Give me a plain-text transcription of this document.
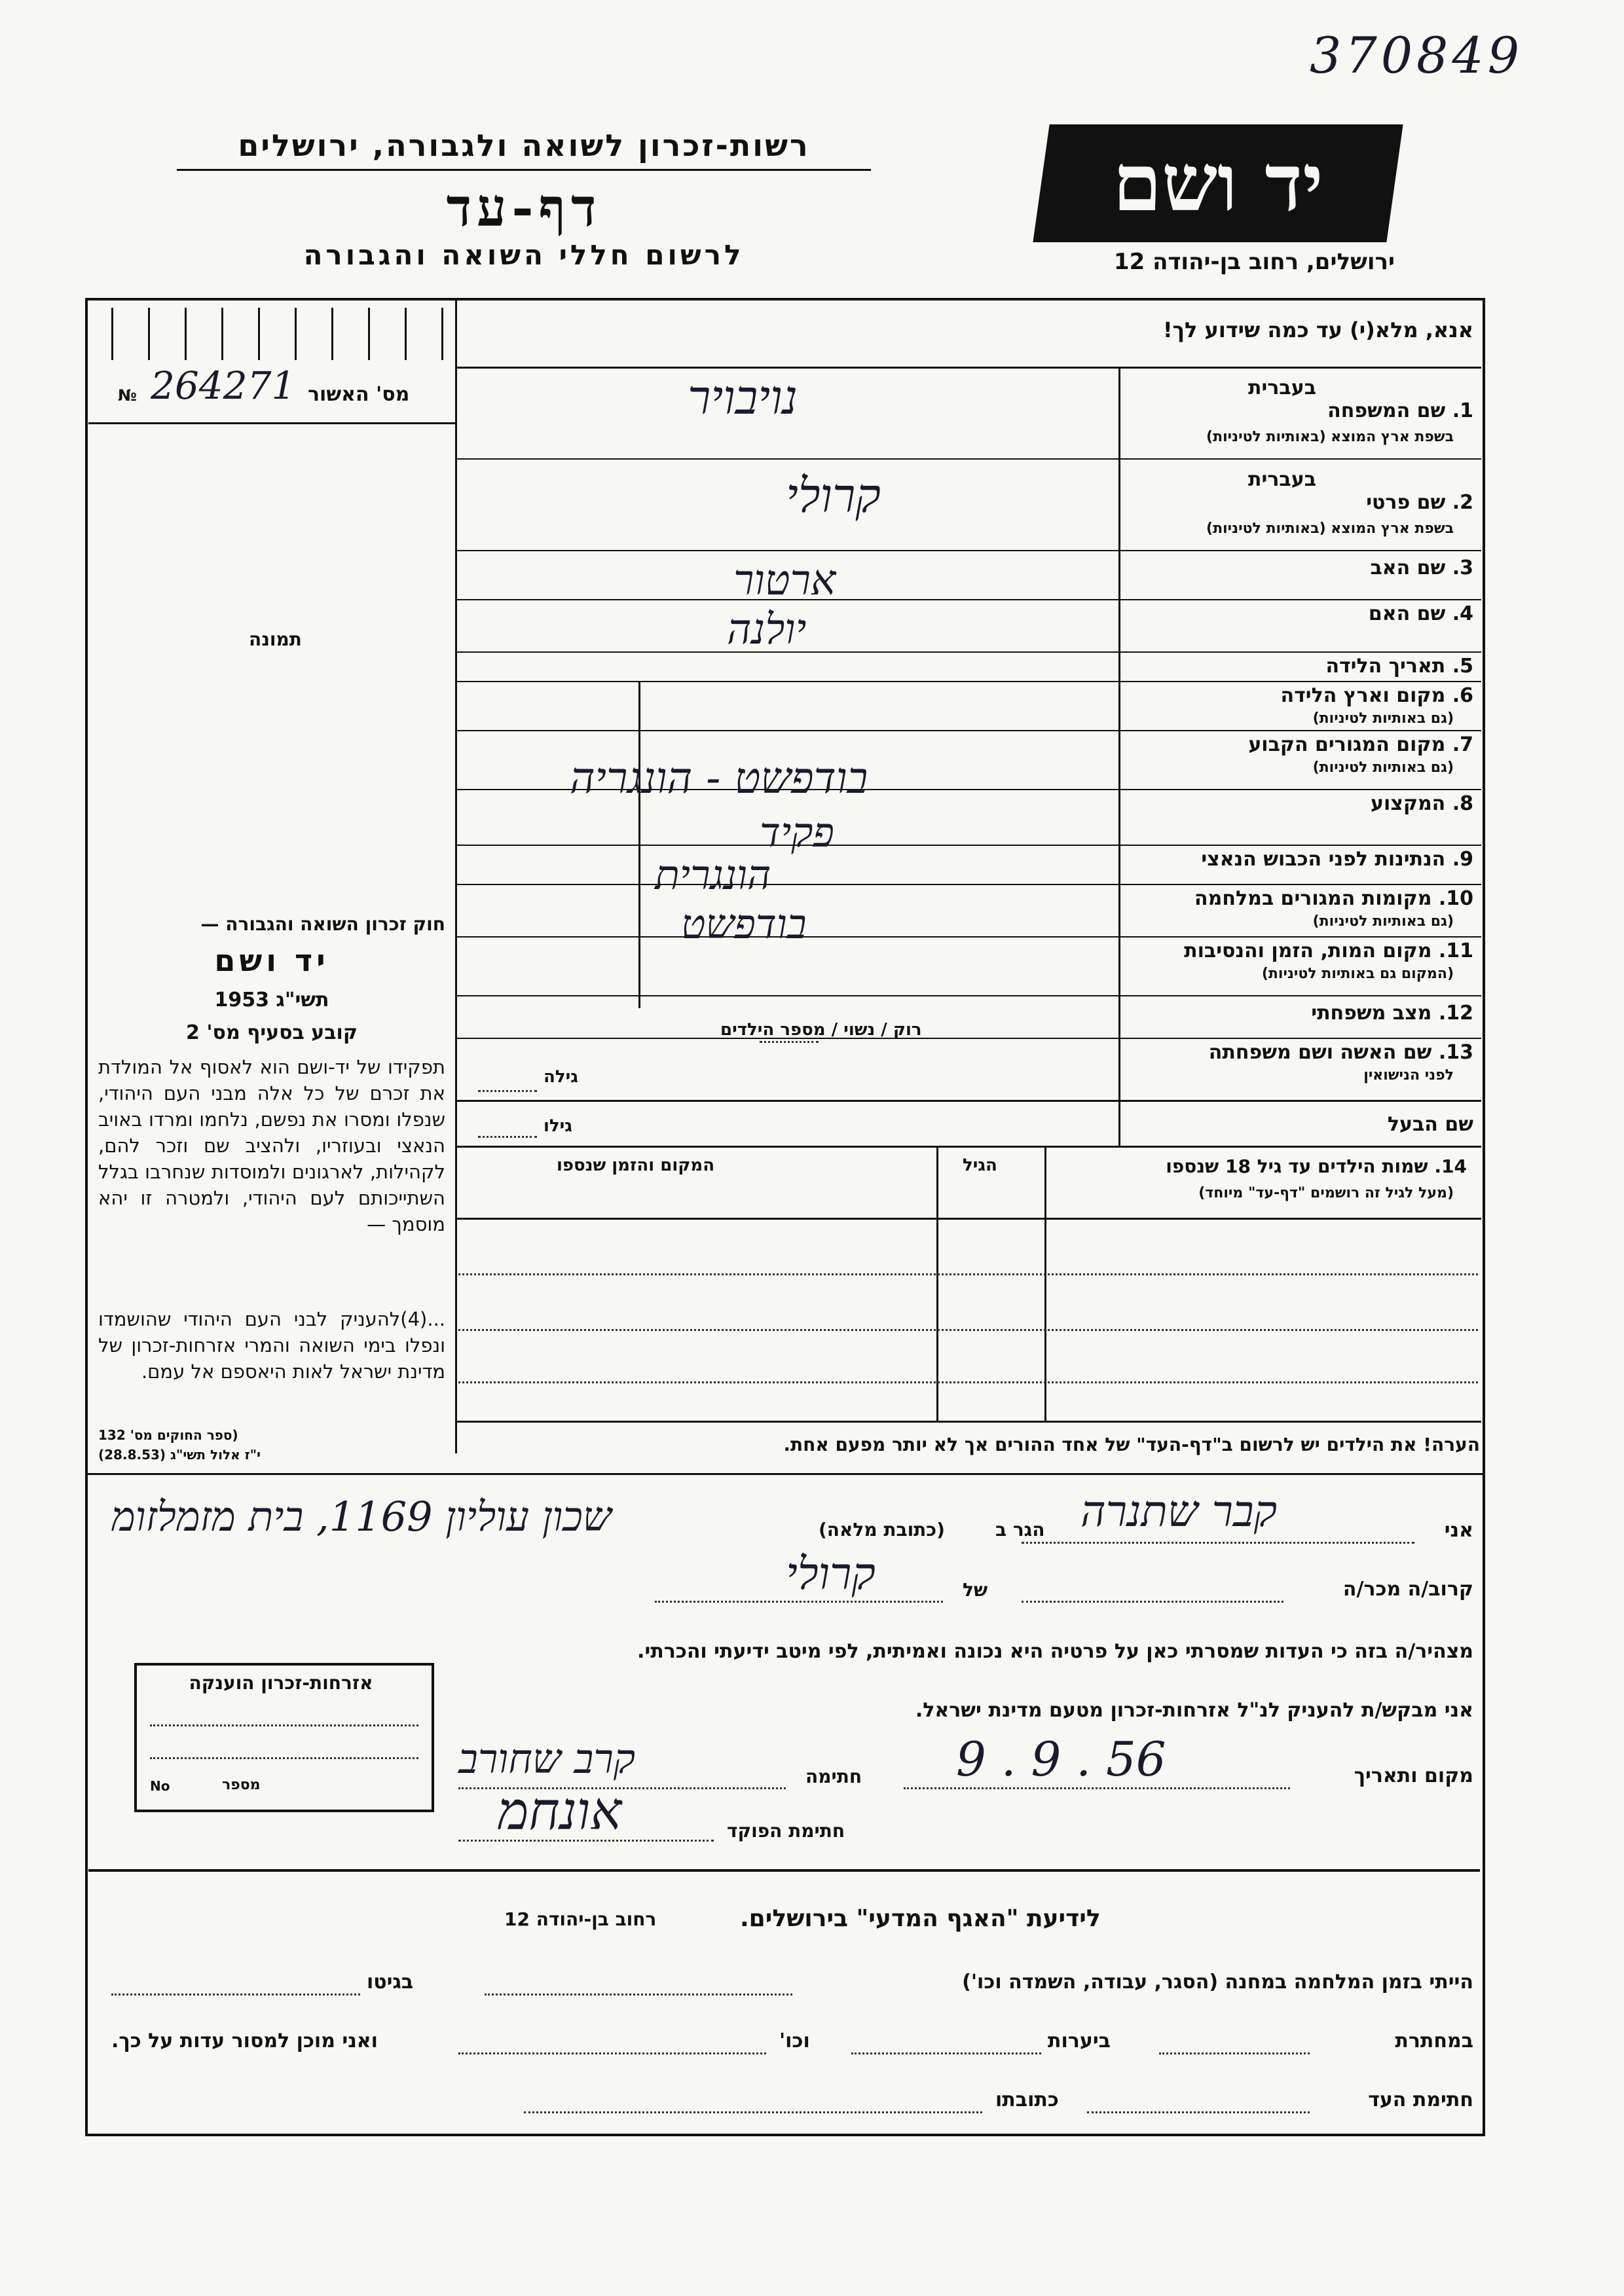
370849
יד ושם
ירושלים, רחוב בן-יהודה 12
רשות-זכרון לשואה ולגבורה, ירושלים
דף-עד
לרשום חללי השואה והגבורה
מס' האשור
264271
№
תמונה
אנא, מלא(י) עד כמה שידוע לך!
1. שם המשפחה
בשפת ארץ המוצא (באותיות לטיניות)
בעברית
2. שם פרטי
בשפת ארץ המוצא (באותיות לטיניות)
בעברית
3. שם האב
4. שם האם
5. תאריך הלידה
6. מקום וארץ הלידה
(גם באותיות לטיניות)
7. מקום המגורים הקבוע
(גם באותיות לטיניות)
8. המקצוע
9. הנתינות לפני הכבוש הנאצי
10. מקומות המגורים במלחמה
(גם באותיות לטיניות)
11. מקום המות, הזמן והנסיבות
(המקום גם באותיות לטיניות)
12. מצב משפחתי
13. שם האשה ושם משפחתה
לפני הנישואין
נויבויר
קרולי
ארטור
יולנה
בודפשט - הונגריה
פקיד
הונגרית
בודפשט
רוק / נשוי / מספר הילדים
גילה
שם הבעל
גילו
14. שמות הילדים עד גיל 18 שנספו
(מעל לגיל זה רושמים "דף-עד" מיוחד)
הגיל
המקום והזמן שנספו
הערה! את הילדים יש לרשום ב"דף-העד" של אחד ההורים אך לא יותר מפעם אחת.
חוק זכרון השואה והגבורה —
יד ושם
תשי"ג 1953
קובע בסעיף מס' 2
תפקידו של יד-ושם הוא לאסוף אל המולדת את זכרם של כל אלה מבני העם היהודי, שנפלו ומסרו את נפשם, נלחמו ומרדו באויב הנאצי ובעוזריו, ולהציב שם וזכר להם, לקהילות, לארגונים ולמוסדות שנחרבו בגלל השתייכותם לעם היהודי, ולמטרה זו יהא מוסמך —
...(4)להעניק לבני העם היהודי שהושמדו ונפלו בימי השואה והמרי אזרחות-זכרון של מדינת ישראל לאות היאספם אל עמם.
(ספר החוקים מס' 132
י"ז אלול תשי"ג (28.8.53)
אני
קבר שתנרה
הגר ב
(כתובת מלאה)
שכון עוליון 1169, בית מזמלזומ
קרוב/ה מכר/ה
של
קרולי
מצהיר/ה בזה כי העדות שמסרתי כאן על פרטיה היא נכונה ואמיתית, לפי מיטב ידיעתי והכרתי.
אני מבקש/ת להעניק לנ"ל אזרחות-זכרון מטעם מדינת ישראל.
מקום ותאריך
9 . 9 . 56
חתימה
קרב שחורב
חתימת הפוקד
אונחמ
אזרחות-זכרון הוענקה
No	מספר
לידיעת "האגף המדעי" בירושלים.
רחוב בן-יהודה 12
הייתי בזמן המלחמה במחנה (הסגר, עבודה, השמדה וכו')
בגיטו
במחתרת
ביערות
וכו'
ואני מוכן למסור עדות על כך.
חתימת העד
כתובתו
